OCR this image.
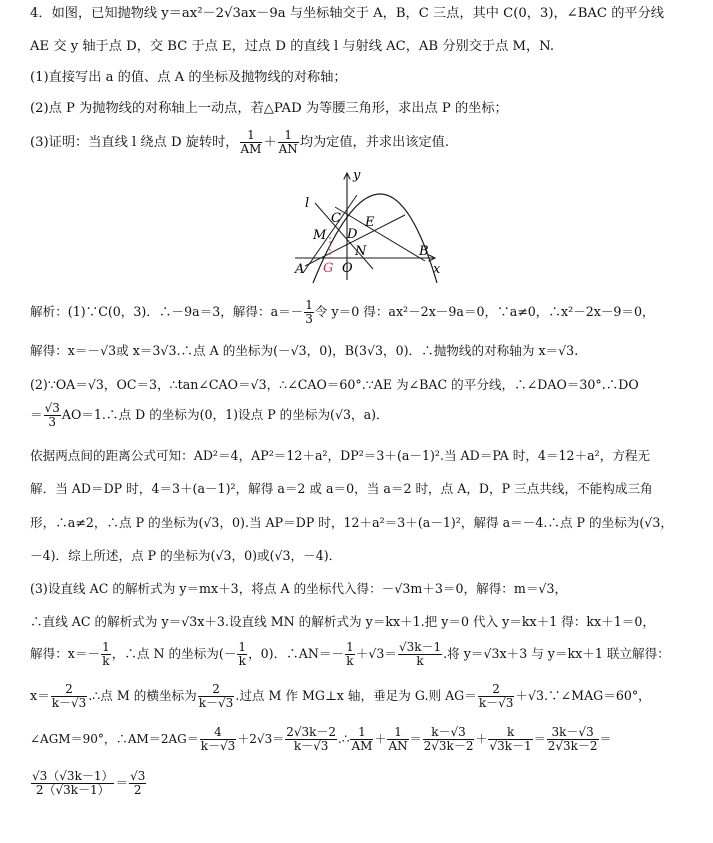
4．如图，已知抛物线 y＝ax²－2√3ax－9a 与坐标轴交于 A，B，C 三点，其中 C(0，3)，∠BAC 的平分线
AE 交 y 轴于点 D，交 BC 于点 E，过点 D 的直线 l 与射线 AC，AB 分别交于点 M，N.
(1)直接写出 a 的值、点 A 的坐标及抛物线的对称轴；
(2)点 P 为抛物线的对称轴上一动点，若△PAD 为等腰三角形，求出点 P 的坐标；
(3)证明：当直线 l 绕点 D 旋转时， $\frac{1}{AM} + \frac{1}{AN}$ 均为定值，并求出该定值.
l
y
x
C E
M D
N	B
A G O
解析：(1)∵C(0，3)．∴－9a＝3，解得：$a=- \frac{1}{3}$ 令 y＝0 得：ax²－2x－9a＝0，∵a≠0，∴x²－2x－9＝0，
解得：x＝－√3或 x＝3√3.∴点 A 的坐标为(－√3，0)，B(3√3，0)．∴抛物线的对称轴为 x＝√3.
(2)∵OA＝√3，OC＝3，∴tan∠CAO＝√3，∴∠CAO＝60°.∵AE 为∠BAC 的平分线，∴∠DAO＝30°.∴DO
＝ $\frac{√3}{3}$ AO＝1.∴点 D 的坐标为(0，1)设点 P 的坐标为(√3，a)．
依据两点间的距离公式可知：AD²＝4，AP²＝12＋a²，DP²＝3＋(a－1)².当 AD＝PA 时，4＝12＋a²，方程无
解．当 AD＝DP 时，4＝3＋(a－1)²，解得 a＝2 或 a＝0，当 a＝2 时，点 A，D，P 三点共线，不能构成三角
形，∴a≠2，∴点 P 的坐标为(√3，0).当 AP＝DP 时，12＋a²＝3＋(a－1)²，解得 a＝－4.∴点 P 的坐标为(√3，
－4)．综上所述，点 P 的坐标为(√3，0)或(√3，－4)．
(3)设直线 AC 的解析式为 y＝mx＋3，将点 A 的坐标代入得：－√3m＋3＝0，解得：m＝√3，
∴直线 AC 的解析式为 y＝√3x＋3.设直线 MN 的解析式为 y＝kx＋1.把 y＝0 代入 y＝kx＋1 得：kx＋1＝0，
解得：$x=- \frac{1}{k}$ ，∴点 N 的坐标为(－ $\frac{1}{k}$ ，0)．∴AN＝－ $\frac{1}{k} +√3= \frac{√3k-1}{k}$ .将 y＝√3x＋3 与 y＝kx＋1 联立解得：
$x= \frac{2}{k-√3}$ .∴点 M 的横坐标为 $\frac{2}{k-√3}$ .过点 M 作 MG⊥x 轴，垂足为 G.则 $AG= \frac{2}{k-√3}$ ＋√3.∵∠MAG＝60°，
∠AGM＝90°，∴AM＝2AG＝ $\frac{4}{k-√3} +2√3= \frac{2√3k-2}{k-√3}$ .∴ $\frac{1}{AM} + \frac{1}{AN} = \frac{k-√3}{2√3k-2} + \frac{k}{√3k-1} = \frac{3k-√3}{2√3k-2}$ ＝
$\frac{√3(√3k-1)}{2(√3k-1)} = \frac{√3}{2}$
